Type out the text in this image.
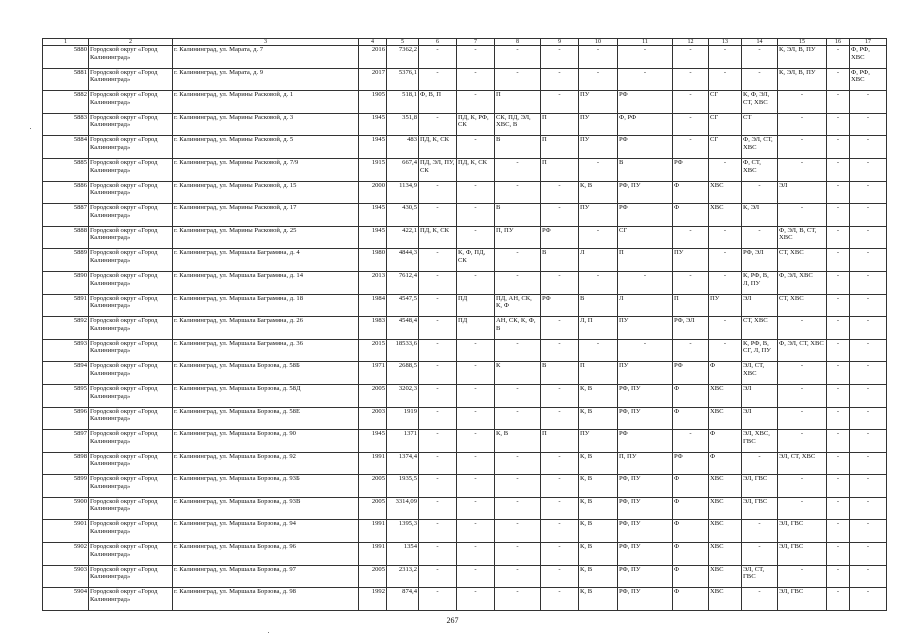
1	2	3	4	5	6	7	8	9	10	11	12	13	14	15	16	17
5880	Городской округ «Город Калининград»	г. Калининград, ул. Марата, д. 7	2016	7362,2	-	-	-	-	-	-	-	-	-	К, ЭЛ, В, ПУ	-	Ф, РФ, ХВС
5881	Городской округ «Город Калининград»	г. Калининград, ул. Марата, д. 9	2017	5376,1	-	-	-	-	-	-	-	-	-	К, ЭЛ, В, ПУ	-	Ф, РФ, ХВС
5882	Городской округ «Город Калининград»	г. Калининград, ул. Марины Расковой, д. 1	1905	518,1	Ф, В, П	-	П	-	ПУ	РФ	-	СГ	К, Ф, ЭЛ, СТ, ХВС	-	-	-
5883	Городской округ «Город Калининград»	г. Калининград, ул. Марины Расковой, д. 3	1945	351,8	-	ПД, К, РФ, СК	СК, ПД, ЭЛ, ХВС, В	П	ПУ	Ф, РФ	-	СГ	СТ	-	-	-
5884	Городской округ «Город Калининград»	г. Калининград, ул. Марины Расковой, д. 5	1945	483	ПД, К, СК	-	В	П	ПУ	РФ	-	СГ	Ф, ЭЛ, СТ, ХВС	-	-	-
5885	Городской округ «Город Калининград»	г. Калининград, ул. Марины Расковой, д. 7/9	1915	667,4	ПД, ЭЛ, ПУ, СК	ПД, К, СК	-	П	-	В	РФ	-	Ф, СТ, ХВС	-	-	-
5886	Городской округ «Город Калининград»	г. Калининград, ул. Марины Расковой, д. 15	2000	1134,9	-	-	-	-	К, В	РФ, ПУ	Ф	ХВС	-	ЭЛ	-	-
5887	Городской округ «Город Калининград»	г. Калининград, ул. Марины Расковой, д. 17	1945	430,5	-	-	В	-	ПУ	РФ	Ф	ХВС	К, ЭЛ	-	-	-
5888	Городской округ «Город Калининград»	г. Калининград, ул. Марины Расковой, д. 25	1945	422,1	ПД, К, СК	-	П, ПУ	РФ	-	СГ	-	-	-	Ф, ЭЛ, В, СТ, ХВС	-	-
5889	Городской округ «Город Калининград»	г. Калининград, ул. Маршала Баграмяна, д. 4	1980	4844,3	-	К, Ф, ПД, СК	-	В	Л	П	ПУ	-	РФ, ЭЛ	СТ, ХВС	-	-
5890	Городской округ «Город Калининград»	г. Калининград, ул. Маршала Баграмяна, д. 14	2013	7612,4	-	-	-	-	-	-	-	-	К, РФ, В, Л, ПУ	Ф, ЭЛ, ХВС	-	-
5891	Городской округ «Город Калининград»	г. Калининград, ул. Маршала Баграмяна, д. 18	1984	4547,5	-	ПД	ПД, АН, СК, К, Ф	РФ	В	Л	П	ПУ	ЭЛ	СТ, ХВС	-	-
5892	Городской округ «Город Калининград»	г. Калининград, ул. Маршала Баграмяна, д. 26	1983	4548,4	-	ПД	АН, СК, К, Ф, В	-	Л, П	ПУ	РФ, ЭЛ	-	СТ, ХВС	-	-	-
5893	Городской округ «Город Калининград»	г. Калининград, ул. Маршала Баграмяна, д. 36	2015	18533,6	-	-	-	-	-	-	-	-	К, РФ, В, СГ, Л, ПУ	Ф, ЭЛ, СТ, ХВС	-	-
5894	Городской округ «Город Калининград»	г. Калининград, ул. Маршала Борзова, д. 58Б	1971	2688,5	-	-	К	В	П	ПУ	РФ	Ф	ЭЛ, СТ, ХВС	-	-	-
5895	Городской округ «Город Калининград»	г. Калининград, ул. Маршала Борзова, д. 58Д	2005	3202,3	-	-	-	-	К, В	РФ, ПУ	Ф	ХВС	ЭЛ	-	-	-
5896	Городской округ «Город Калининград»	г. Калининград, ул. Маршала Борзова, д. 58Е	2003	1919	-	-	-	-	К, В	РФ, ПУ	Ф	ХВС	ЭЛ	-	-	-
5897	Городской округ «Город Калининград»	г. Калининград, ул. Маршала Борзова, д. 90	1945	1371	-	-	К, В	П	ПУ	РФ	-	Ф	ЭЛ, ХВС, ГВС	-	-	-
5898	Городской округ «Город Калининград»	г. Калининград, ул. Маршала Борзова, д. 92	1991	1374,4	-	-	-	-	К, В	П, ПУ	РФ	Ф	-	ЭЛ, СТ, ХВС	-	-
5899	Городской округ «Город Калининград»	г. Калининград, ул. Маршала Борзова, д. 93Б	2005	1935,5	-	-	-	-	К, В	РФ, ПУ	Ф	ХВС	ЭЛ, ГВС	-	-	-
5900	Городской округ «Город Калининград»	г. Калининград, ул. Маршала Борзова, д. 93В	2005	3314,09	-	-	-	-	К, В	РФ, ПУ	Ф	ХВС	ЭЛ, ГВС	-	-	-
5901	Городской округ «Город Калининград»	г. Калининград, ул. Маршала Борзова, д. 94	1991	1395,3	-	-	-	-	К, В	РФ, ПУ	Ф	ХВС	-	ЭЛ, ГВС	-	-
5902	Городской округ «Город Калининград»	г. Калининград, ул. Маршала Борзова, д. 96	1991	1354	-	-	-	-	К, В	РФ, ПУ	Ф	ХВС	-	ЭЛ, ГВС	-	-
5903	Городской округ «Город Калининград»	г. Калининград, ул. Маршала Борзова, д. 97	2005	2313,2	-	-	-	-	К, В	РФ, ПУ	Ф	ХВС	ЭЛ, СТ, ГВС	-	-	-
5904	Городской округ «Город Калининград»	г. Калининград, ул. Маршала Борзова, д. 98	1992	874,4	-	-	-	-	К, В	РФ, ПУ	Ф	ХВС	-	ЭЛ, ГВС	-	-
267
